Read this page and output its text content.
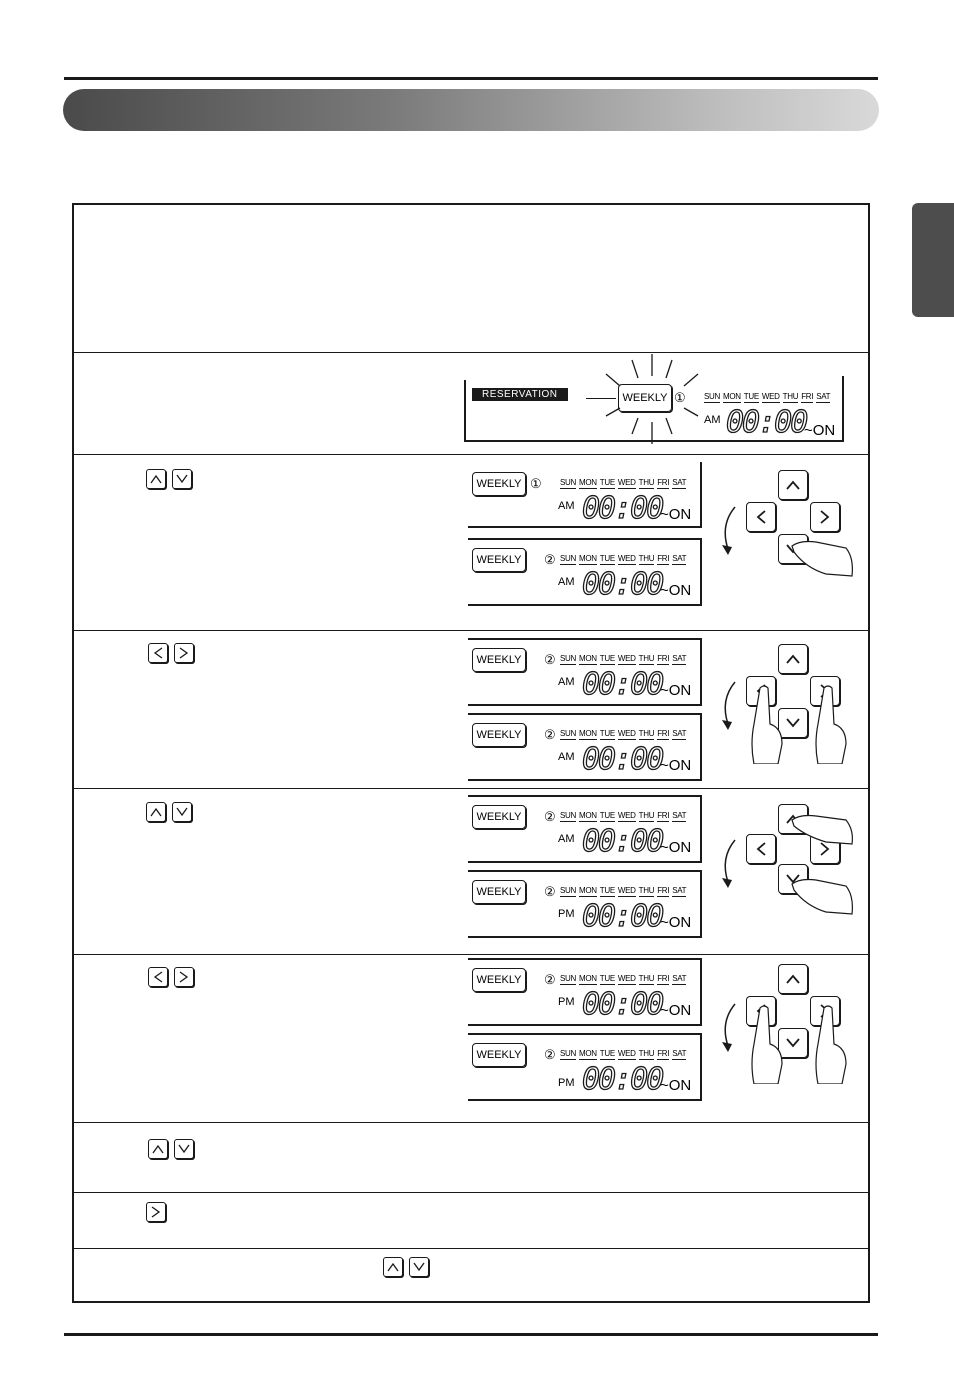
RESERVATION	WEEKLY ① SUN MON TUE WED THU FRI SAT
AM 00:00
~ON
WEEKLY ① SUN MON TUE WED THU FRI SAT
AM 00:00
~ON
WEEKLY ② SUN MON TUE WED THU FRI SAT
AM 00:00
~ON
WEEKLY ② SUN MON TUE WED THU FRI SAT
AM 00:00
~ON
WEEKLY ② SUN MON TUE WED THU FRI SAT
AM 00:00
~ON
WEEKLY ② SUN MON TUE WED THU FRI SAT
AM 00:00
~ON
WEEKLY ② SUN MON TUE WED THU FRI SAT
PM 00:00
~ON
WEEKLY ② SUN MON TUE WED THU FRI SAT
PM 00:00
~ON
WEEKLY ② SUN MON TUE WED THU FRI SAT
PM 00:00
~ON
